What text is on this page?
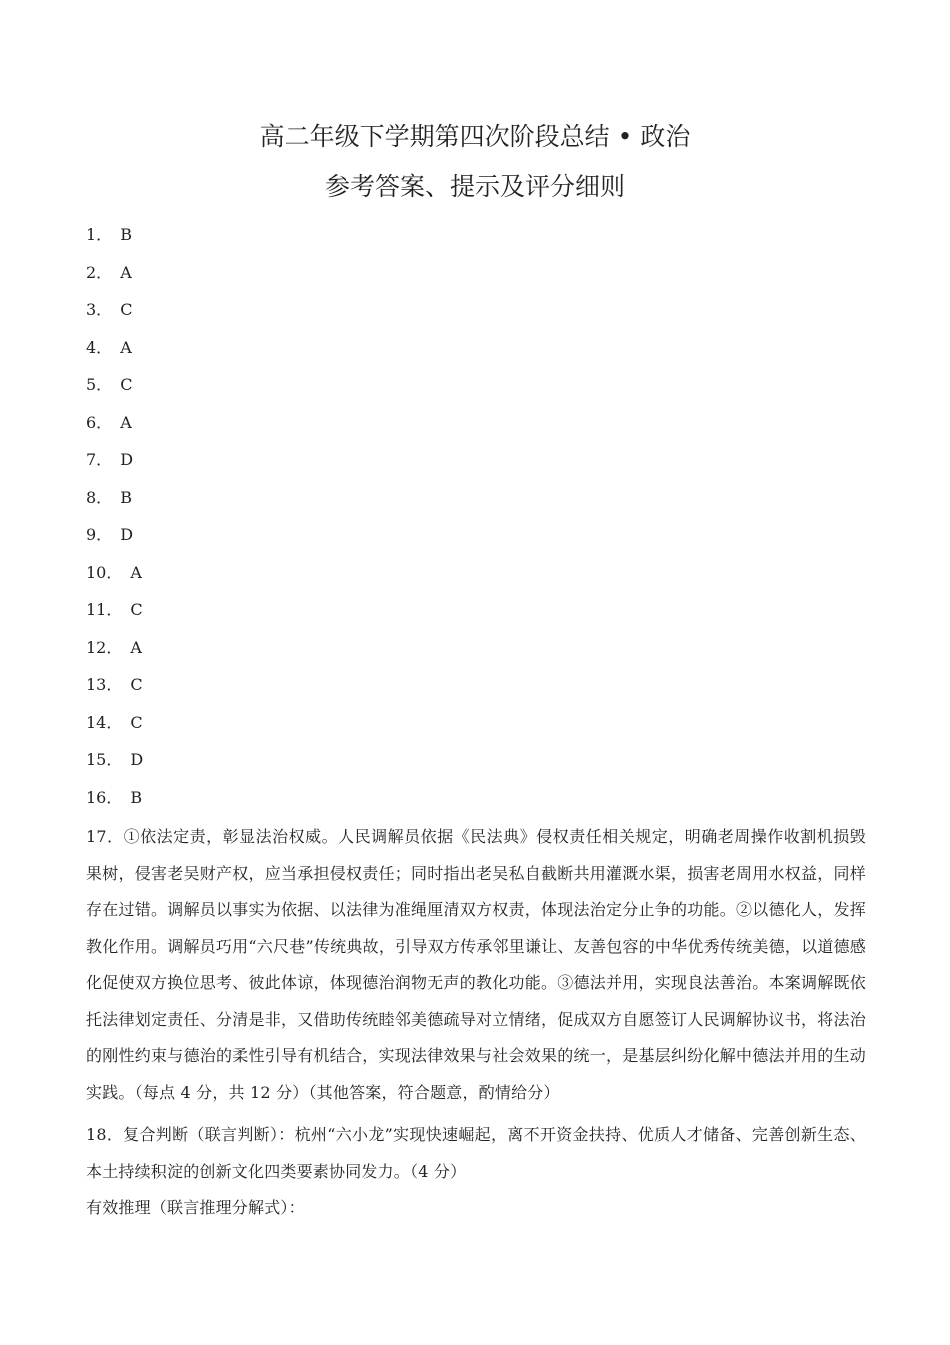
高二年级下学期第四次阶段总结 • 政治
参考答案、提示及评分细则
1． B
2． A
3． C
4． A
5． C
6． A
7． D
8． B
9． D
10． A
11． C
12． A
13． C
14． C
15． D
16． B

17．①依法定责，彰显法治权威。人民调解员依据《民法典》侵权责任相关规定，明确老周操作收割机损毁果树，侵害老吴财产权，应当承担侵权责任；同时指出老吴私自截断共用灌溉水渠，损害老周用水权益，同样存在过错。调解员以事实为依据、以法律为准绳厘清双方权责，体现法治定分止争的功能。②以德化人，发挥教化作用。调解员巧用“六尺巷”传统典故，引导双方传承邻里谦让、友善包容的中华优秀传统美德，以道德感化促使双方换位思考、彼此体谅，体现德治润物无声的教化功能。③德法并用，实现良法善治。本案调解既依托法律划定责任、分清是非，又借助传统睦邻美德疏导对立情绪，促成双方自愿签订人民调解协议书，将法治的刚性约束与德治的柔性引导有机结合，实现法律效果与社会效果的统一，是基层纠纷化解中德法并用的生动实践。（每点 4 分，共 12 分）（其他答案，符合题意，酌情给分）

18．复合判断（联言判断）：杭州“六小龙”实现快速崛起，离不开资金扶持、优质人才储备、完善创新生态、本土持续积淀的创新文化四类要素协同发力。（4 分）

有效推理（联言推理分解式）：
